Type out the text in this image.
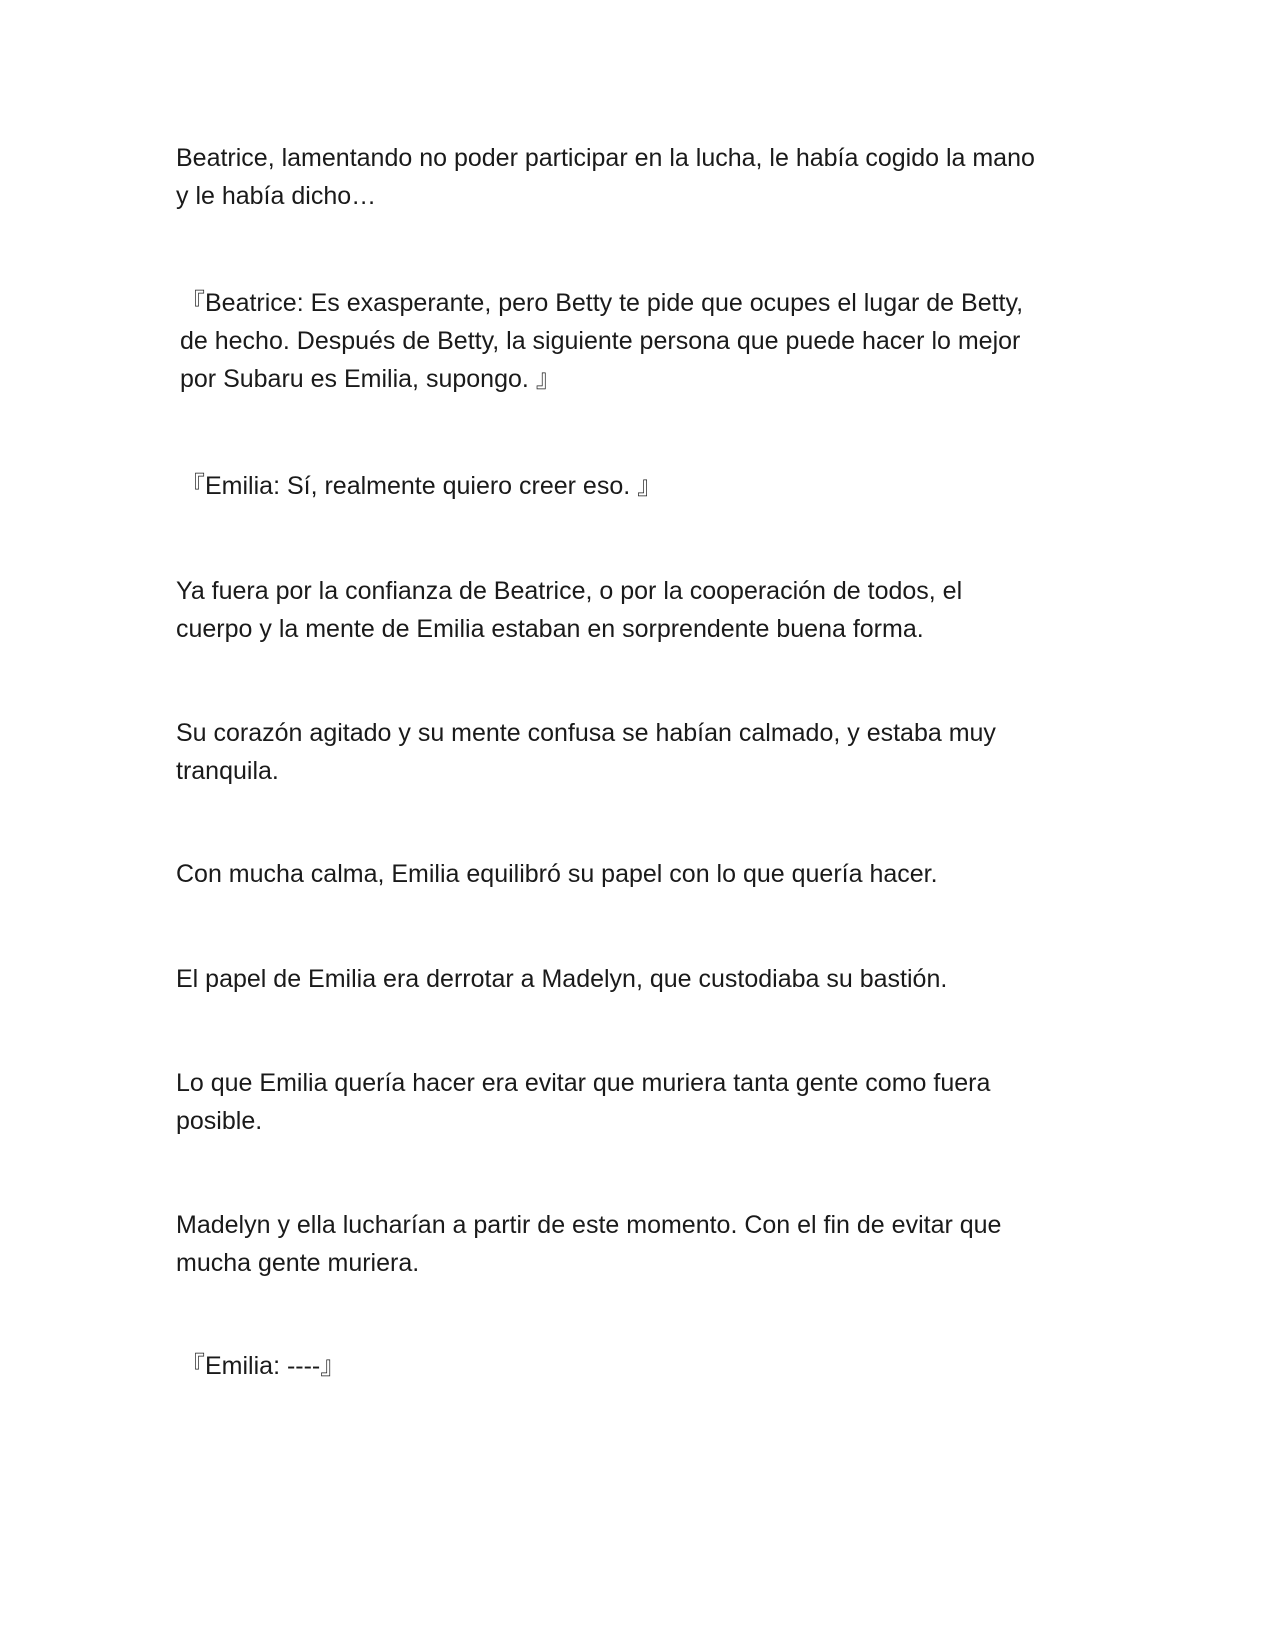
Beatrice, lamentando no poder participar en la lucha, le había cogido la mano
y le había dicho…

『Beatrice: Es exasperante, pero Betty te pide que ocupes el lugar de Betty,
de hecho. Después de Betty, la siguiente persona que puede hacer lo mejor
por Subaru es Emilia, supongo. 』

『Emilia: Sí, realmente quiero creer eso. 』

Ya fuera por la confianza de Beatrice, o por la cooperación de todos, el
cuerpo y la mente de Emilia estaban en sorprendente buena forma.

Su corazón agitado y su mente confusa se habían calmado, y estaba muy
tranquila.

Con mucha calma, Emilia equilibró su papel con lo que quería hacer.

El papel de Emilia era derrotar a Madelyn, que custodiaba su bastión.

Lo que Emilia quería hacer era evitar que muriera tanta gente como fuera
posible.

Madelyn y ella lucharían a partir de este momento. Con el fin de evitar que
mucha gente muriera.

『Emilia: ----』
